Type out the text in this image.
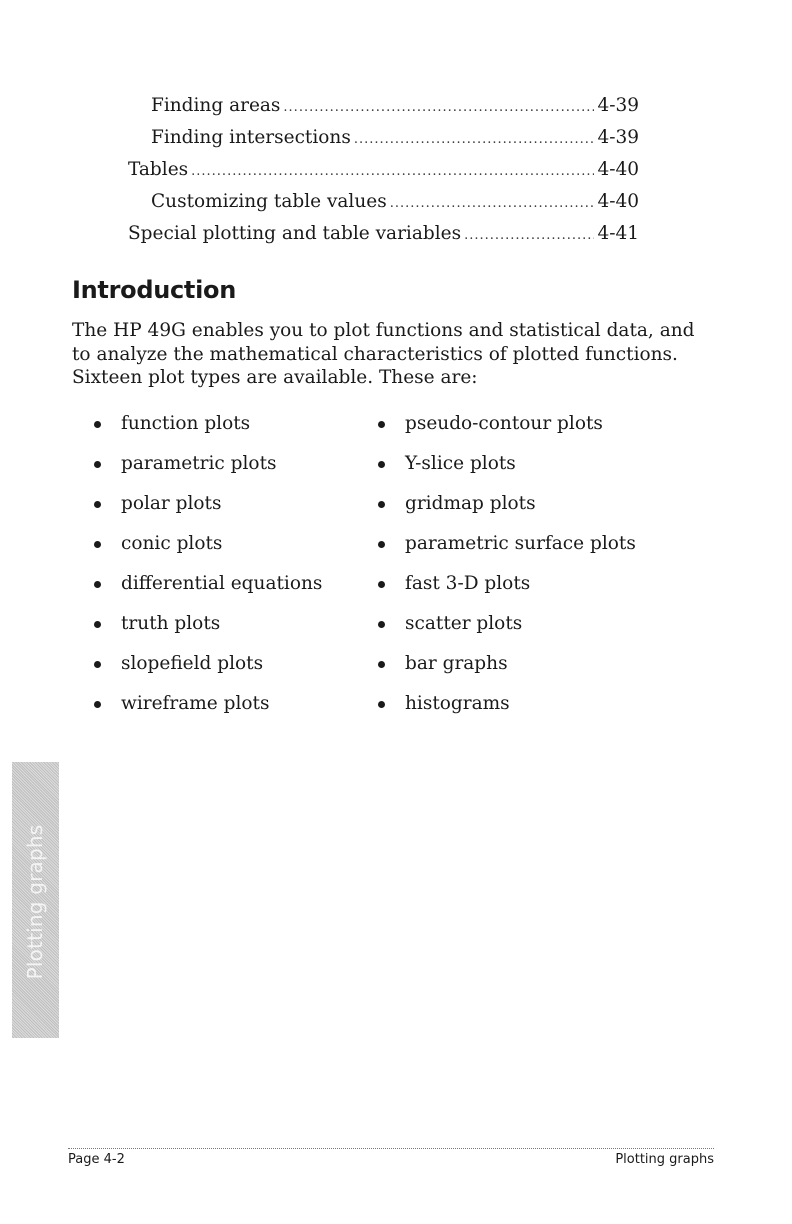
Finding areas .....	4-39
Finding intersections .....	4-39
Tables .....	4-40
Customizing table values .....	4-40
Special plotting and table variables .....	4-41
Introduction

The HP 49G enables you to plot functions and statistical data, and to analyze the mathematical characteristics of plotted functions. Sixteen plot types are available. These are:

function plots
parametric plots
polar plots
conic plots
differential equations
truth plots
slopefield plots
wireframe plots
pseudo-contour plots
Y-slice plots
gridmap plots
parametric surface plots
fast 3-D plots
scatter plots
bar graphs
histograms
Plotting graphs
Page 4-2	Plotting graphs
